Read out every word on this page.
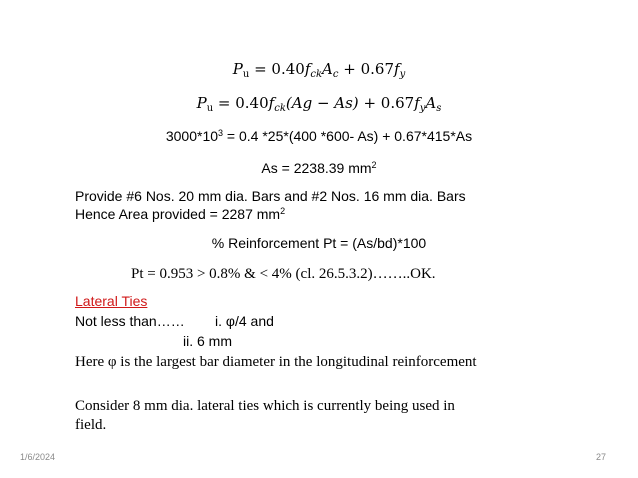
$P_u = 0.40f_{ck}A_c + 0.67f_y$
$P_u = 0.40f_{ck}(Ag - As) + 0.67f_yA_s$
$3000*10^3 = 0.4$ *25*(400 *600- As) + 0.67*415*As
As = 2238.39 $mm^2$
Provide #6 Nos. 20 mm dia. Bars and #2 Nos. 16 mm dia. Bars
Hence Area provided = 2287 $mm^2$
% Reinforcement Pt = (As/bd)*100
Pt = 0.953 > 0.8% & < 4% (cl. 26.5.3.2)……..OK.
Lateral Ties
Not less than…… i. φ/4 and
ii. 6 mm
Here φ is the largest bar diameter in the longitudinal reinforcement
Consider 8 mm dia. lateral ties which is currently being used in
field.
1/6/2024	27
